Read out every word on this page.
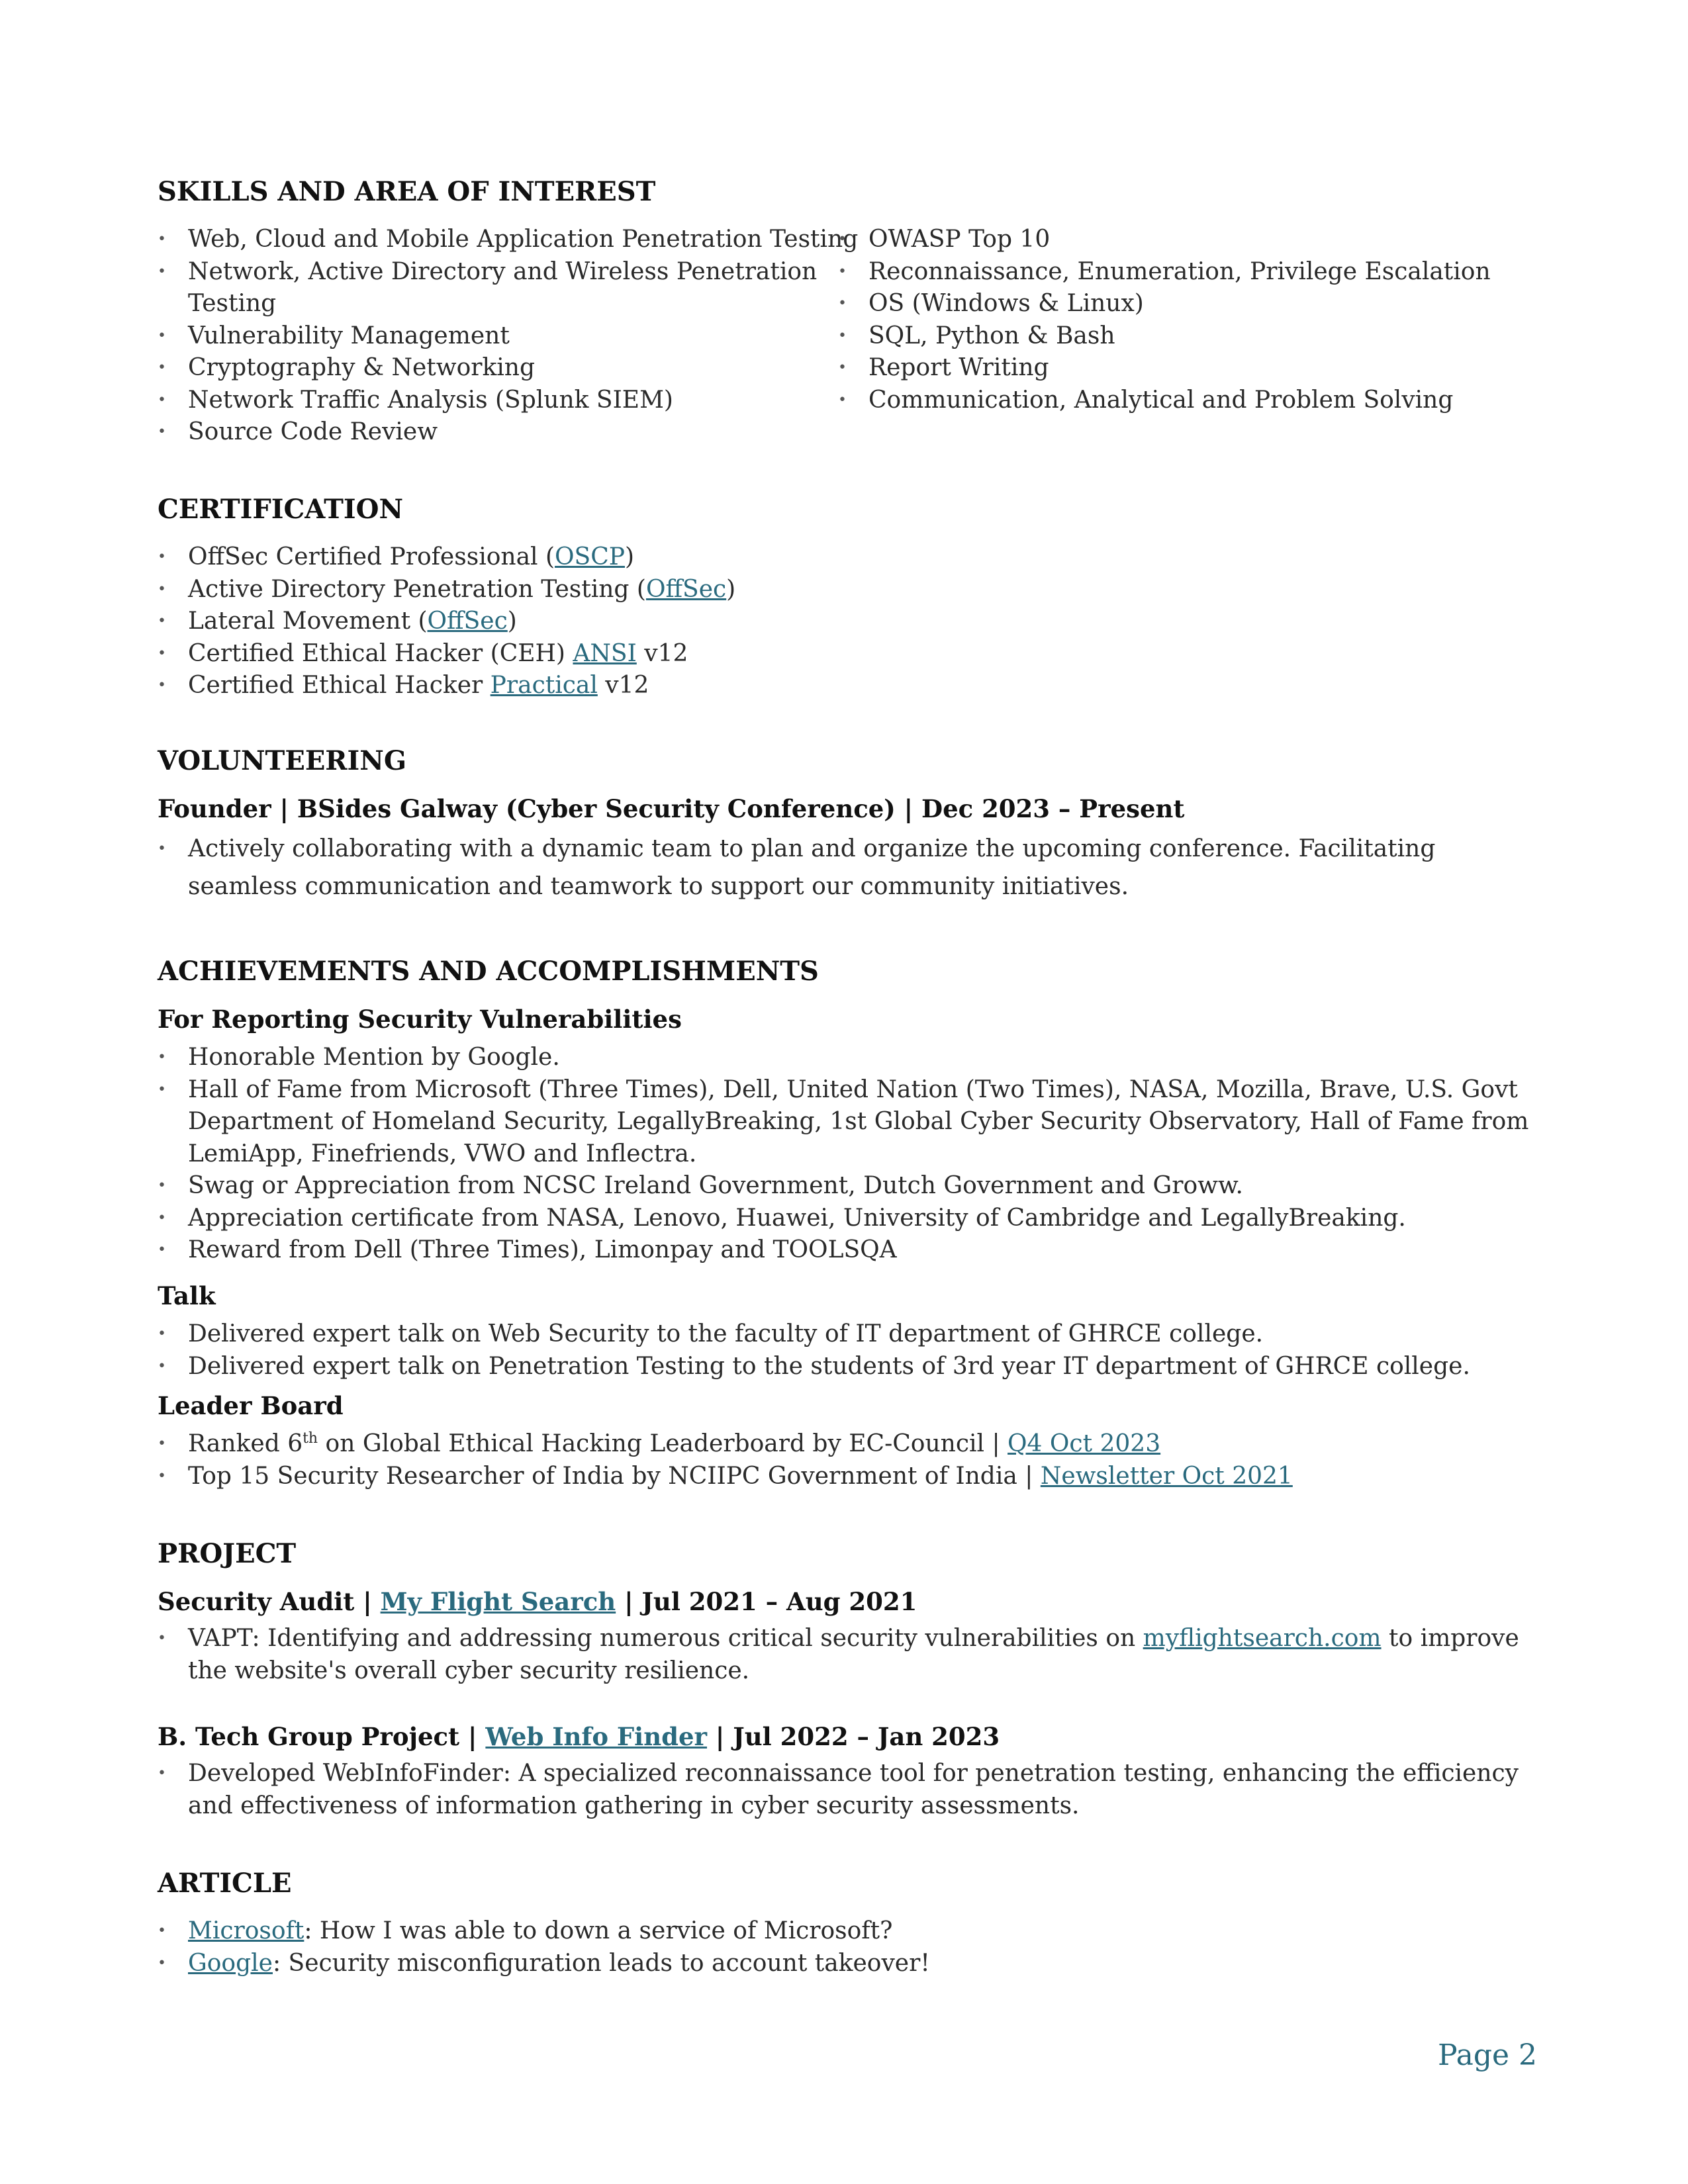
SKILLS AND AREA OF INTEREST
• Web, Cloud and Mobile Application Penetration Testing
• Network, Active Directory and Wireless Penetration Testing
• Vulnerability Management
• Cryptography & Networking
• Network Traffic Analysis (Splunk SIEM)
• Source Code Review
• OWASP Top 10
• Reconnaissance, Enumeration, Privilege Escalation
• OS (Windows & Linux)
• SQL, Python & Bash
• Report Writing
• Communication, Analytical and Problem Solving
CERTIFICATION
• OffSec Certified Professional (OSCP)
• Active Directory Penetration Testing (OffSec)
• Lateral Movement (OffSec)
• Certified Ethical Hacker (CEH) ANSI v12
• Certified Ethical Hacker Practical v12
VOLUNTEERING
Founder | BSides Galway (Cyber Security Conference) | Dec 2023 – Present
• Actively collaborating with a dynamic team to plan and organize the upcoming conference. Facilitating seamless communication and teamwork to support our community initiatives.
ACHIEVEMENTS AND ACCOMPLISHMENTS
For Reporting Security Vulnerabilities
• Honorable Mention by Google.
• Hall of Fame from Microsoft (Three Times), Dell, United Nation (Two Times), NASA, Mozilla, Brave, U.S. Govt Department of Homeland Security, LegallyBreaking, 1st Global Cyber Security Observatory, Hall of Fame from LemiApp, Finefriends, VWO and Inflectra.
• Swag or Appreciation from NCSC Ireland Government, Dutch Government and Groww.
• Appreciation certificate from NASA, Lenovo, Huawei, University of Cambridge and LegallyBreaking.
• Reward from Dell (Three Times), Limonpay and TOOLSQA
Talk
• Delivered expert talk on Web Security to the faculty of IT department of GHRCE college.
• Delivered expert talk on Penetration Testing to the students of 3rd year IT department of GHRCE college.
Leader Board
• Ranked 6th on Global Ethical Hacking Leaderboard by EC-Council | Q4 Oct 2023
• Top 15 Security Researcher of India by NCIIPC Government of India | Newsletter Oct 2021
PROJECT
Security Audit | My Flight Search | Jul 2021 – Aug 2021
• VAPT: Identifying and addressing numerous critical security vulnerabilities on myflightsearch.com to improve the website's overall cyber security resilience.
B. Tech Group Project | Web Info Finder | Jul 2022 – Jan 2023
• Developed WebInfoFinder: A specialized reconnaissance tool for penetration testing, enhancing the efficiency and effectiveness of information gathering in cyber security assessments.
ARTICLE
• Microsoft: How I was able to down a service of Microsoft?
• Google: Security misconfiguration leads to account takeover!
Page 2
